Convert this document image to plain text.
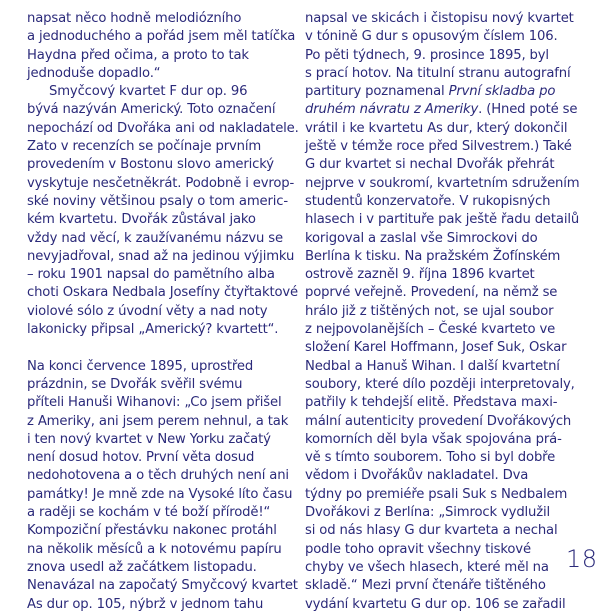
napsat něco hodně melodiózního
a jednoduchého a pořád jsem měl tatíčka
Haydna před očima, a proto to tak
jednoduše dopadlo.“
Smyčcový kvartet F dur op. 96
bývá nazýván Americký. Toto označení
nepochází od Dvořáka ani od nakladatele.
Zato v recenzích se počínaje prvním
provedením v Bostonu slovo americký
vyskytuje nesčetněkrát. Podobně i evrop-
ské noviny většinou psaly o tom americ-
kém kvartetu. Dvořák zůstával jako
vždy nad věcí, k zaužívanému názvu se
nevyjadřoval, snad až na jedinou výjimku
– roku 1901 napsal do pamětního alba
choti Oskara Nedbala Josefíny čtyřtaktové
violové sólo z úvodní věty a nad noty
lakonicky připsal „Americký? kvartett“.
Na konci července 1895, uprostřed
prázdnin, se Dvořák svěřil svému
příteli Hanuši Wihanovi: „Co jsem přišel
z Ameriky, ani jsem perem nehnul, a tak
i ten nový kvartet v New Yorku začatý
není dosud hotov. První věta dosud
nedohotovena a o těch druhých není ani
památky! Je mně zde na Vysoké líto času
a raději se kochám v té boží přírodě!“
Kompoziční přestávku nakonec protáhl
na několik měsíců a k notovému papíru
znova usedl až začátkem listopadu.
Nenavázal na započatý Smyčcový kvartet
As dur op. 105, nýbrž v jednom tahu
napsal ve skicách i čistopisu nový kvartet
v tónině G dur s opusovým číslem 106.
Po pěti týdnech, 9. prosince 1895, byl
s prací hotov. Na titulní stranu autografní
partitury poznamenal První skladba po
druhém návratu z Ameriky. (Hned poté se
vrátil i ke kvartetu As dur, který dokončil
ještě v témže roce před Silvestrem.) Také
G dur kvartet si nechal Dvořák přehrát
nejprve v soukromí, kvartetním sdružením
studentů konzervatoře. V rukopisných
hlasech i v partituře pak ještě řadu detailů
korigoval a zaslal vše Simrockovi do
Berlína k tisku. Na pražském Žofínském
ostrově zazněl 9. října 1896 kvartet
poprvé veřejně. Provedení, na němž se
hrálo již z tištěných not, se ujal soubor
z nejpovolanějších – České kvarteto ve
složení Karel Hoffmann, Josef Suk, Oskar
Nedbal a Hanuš Wihan. I další kvartetní
soubory, které dílo později interpretovaly,
patřily k tehdejší elitě. Představa maxi-
mální autenticity provedení Dvořákových
komorních děl byla však spojována prá-
vě s tímto souborem. Toho si byl dobře
vědom i Dvořákův nakladatel. Dva
týdny po premiéře psali Suk s Nedbalem
Dvořákovi z Berlína: „Simrock vydlužil
si od nás hlasy G dur kvarteta a nechal
podle toho opravit všechny tiskové
chyby ve všech hlasech, které měl na
skladě.“ Mezi první čtenáře tištěného
vydání kvartetu G dur op. 106 se zařadil
18
